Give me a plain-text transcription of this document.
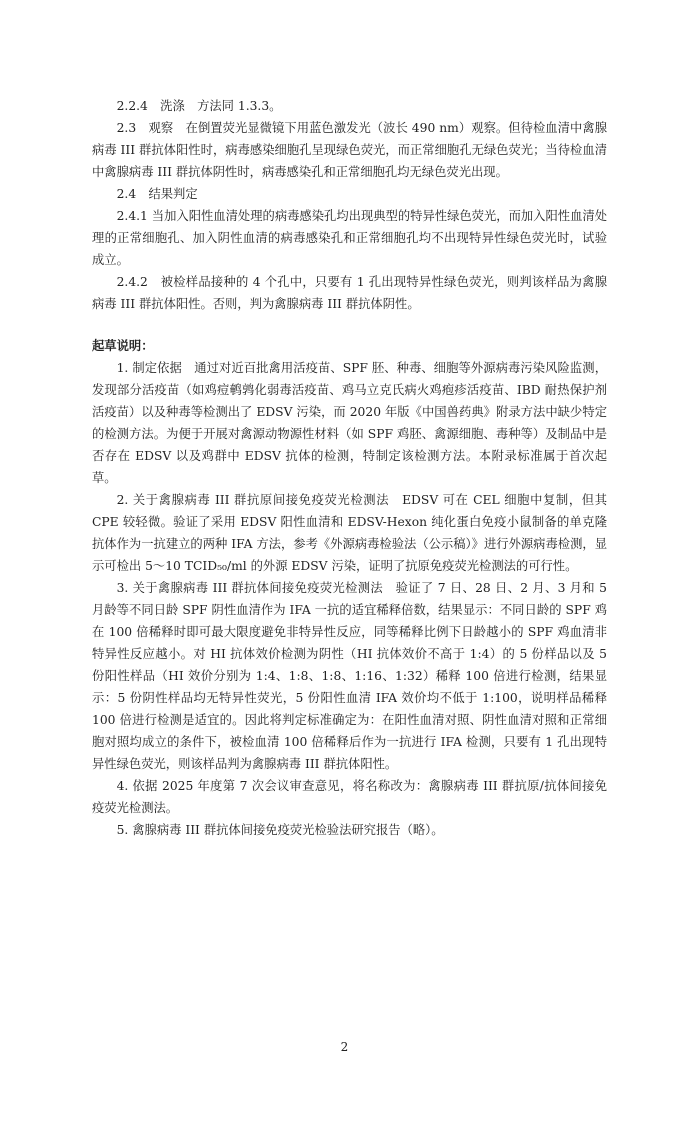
2.2.4　洗涤　方法同 1.3.3。

2.3　观察　在倒置荧光显微镜下用蓝色激发光（波长 490 nm）观察。但待检血清中禽腺病毒 III 群抗体阳性时，病毒感染细胞孔呈现绿色荧光，而正常细胞孔无绿色荧光；当待检血清中禽腺病毒 III 群抗体阴性时，病毒感染孔和正常细胞孔均无绿色荧光出现。

2.4　结果判定

2.4.1 当加入阳性血清处理的病毒感染孔均出现典型的特异性绿色荧光，而加入阳性血清处理的正常细胞孔、加入阴性血清的病毒感染孔和正常细胞孔均不出现特异性绿色荧光时，试验成立。

2.4.2　被检样品接种的 4 个孔中，只要有 1 孔出现特异性绿色荧光，则判该样品为禽腺病毒 III 群抗体阳性。否则，判为禽腺病毒 III 群抗体阴性。

起草说明：

1. 制定依据　通过对近百批禽用活疫苗、SPF 胚、种毒、细胞等外源病毒污染风险监测，发现部分活疫苗（如鸡痘鹌鹑化弱毒活疫苗、鸡马立克氏病火鸡疱疹活疫苗、IBD 耐热保护剂活疫苗）以及种毒等检测出了 EDSV 污染，而 2020 年版《中国兽药典》附录方法中缺少特定的检测方法。为便于开展对禽源动物源性材料（如 SPF 鸡胚、禽源细胞、毒种等）及制品中是否存在 EDSV 以及鸡群中 EDSV 抗体的检测，特制定该检测方法。本附录标准属于首次起草。

2. 关于禽腺病毒 III 群抗原间接免疫荧光检测法　EDSV 可在 CEL 细胞中复制，但其 CPE 较轻微。验证了采用 EDSV 阳性血清和 EDSV-Hexon 纯化蛋白免疫小鼠制备的单克隆抗体作为一抗建立的两种 IFA 方法，参考《外源病毒检验法（公示稿）》进行外源病毒检测，显示可检出 5～10 TCID₅₀/ml 的外源 EDSV 污染，证明了抗原免疫荧光检测法的可行性。

3. 关于禽腺病毒 III 群抗体间接免疫荧光检测法　验证了 7 日、28 日、2 月、3 月和 5 月龄等不同日龄 SPF 阴性血清作为 IFA 一抗的适宜稀释倍数，结果显示：不同日龄的 SPF 鸡在 100 倍稀释时即可最大限度避免非特异性反应，同等稀释比例下日龄越小的 SPF 鸡血清非特异性反应越小。对 HI 抗体效价检测为阴性（HI 抗体效价不高于 1:4）的 5 份样品以及 5 份阳性样品（HI 效价分别为 1:4、1:8、1:8、1:16、1:32）稀释 100 倍进行检测，结果显示：5 份阴性样品均无特异性荧光，5 份阳性血清 IFA 效价均不低于 1:100，说明样品稀释 100 倍进行检测是适宜的。因此将判定标准确定为：在阳性血清对照、阴性血清对照和正常细胞对照均成立的条件下，被检血清 100 倍稀释后作为一抗进行 IFA 检测，只要有 1 孔出现特异性绿色荧光，则该样品判为禽腺病毒 III 群抗体阳性。

4. 依据 2025 年度第 7 次会议审查意见，将名称改为：禽腺病毒 III 群抗原/抗体间接免疫荧光检测法。

5. 禽腺病毒 III 群抗体间接免疫荧光检验法研究报告（略）。

2
